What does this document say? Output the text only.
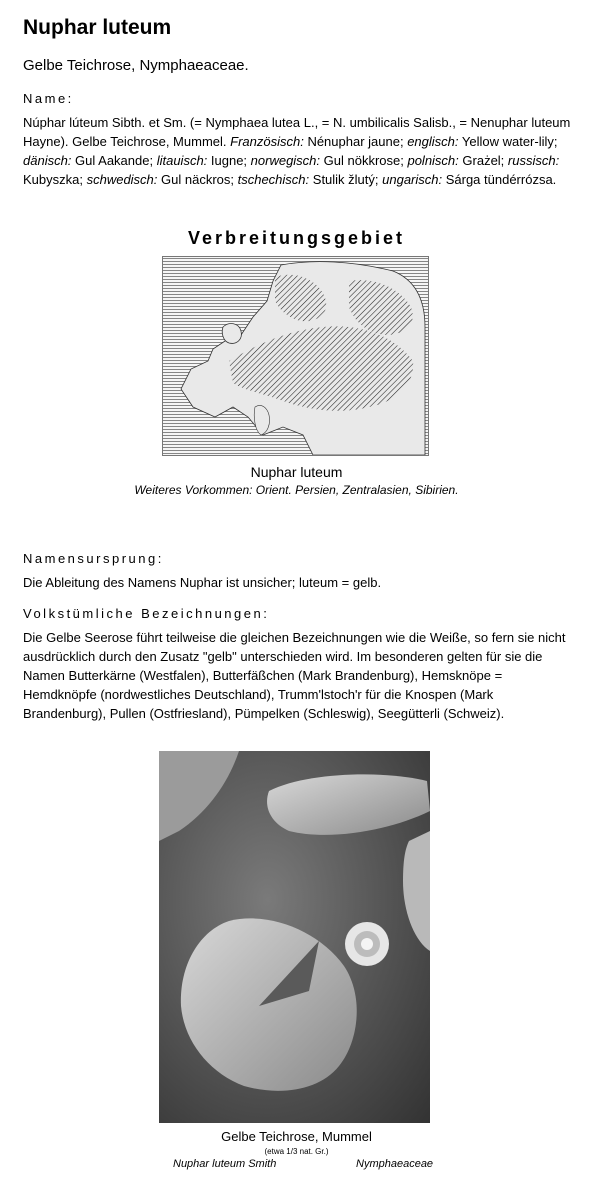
Nuphar luteum
Gelbe Teichrose, Nymphaeaceae.
Name:
Núphar lúteum Sibth. et Sm. (= Nymphaea lutea L., = N. umbilicalis Salisb., = Nenuphar luteum Hayne). Gelbe Teichrose, Mummel. Französisch: Nénuphar jaune; englisch: Yellow water-lily; dänisch: Gul Aakande; litauisch: Iugne; norwegisch: Gul nökkrose; polnisch: Grażel; russisch: Kubyszka; schwedisch: Gul näckros; tschechisch: Stulik žlutý; ungarisch: Sárga tündérrózsa.
Verbreitungsgebiet
Nuphar luteum
Weiteres Vorkommen: Orient. Persien, Zentralasien, Sibirien.
Namensursprung:
Die Ableitung des Namens Nuphar ist unsicher; luteum = gelb.
Volkstümliche Bezeichnungen:
Die Gelbe Seerose führt teilweise die gleichen Bezeichnungen wie die Weiße, so fern sie nicht ausdrücklich durch den Zusatz "gelb" unterschieden wird. Im besonderen gelten für sie die Namen Butterkärne (Westfalen), Butterfäßchen (Mark Brandenburg), Hemsknöpe = Hemdknöpfe (nordwestliches Deutschland), Trumm'lstoch'r für die Knospen (Mark Brandenburg), Pullen (Ostfriesland), Pümpelken (Schleswig), Seegütterli (Schweiz).
Gelbe Teichrose, Mummel
(etwa 1/3 nat. Gr.)
Nuphar luteum Smith	Nymphaeaceae
